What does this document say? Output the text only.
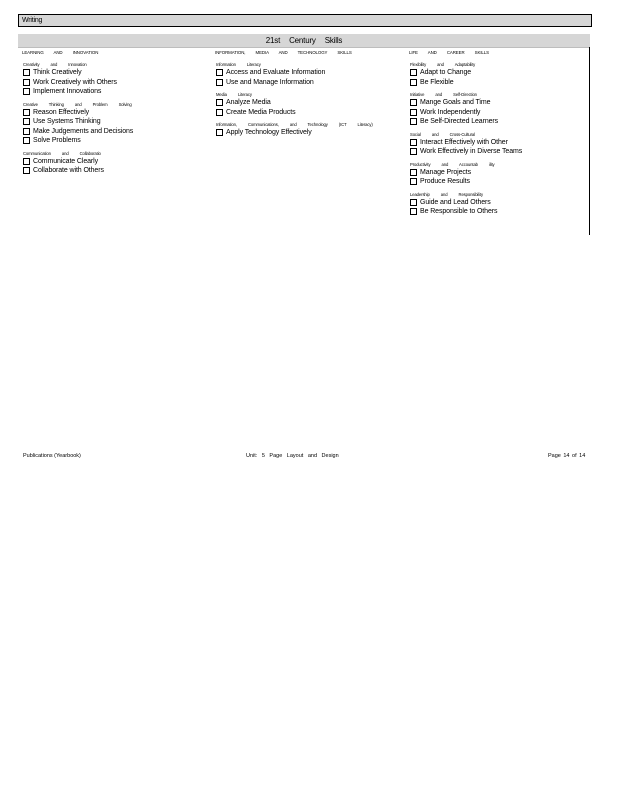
Writing
21st Century Skills
LEARNING AND INNOVATION
Creativity and Innovation
Think Creatively
Work Creatively with Others
Implement Innovations
Creative Thinking and Problem Solving
Reason Effectively
Use Systems Thinking
Make Judgements and Decisions
Solve Problems
Communication and Collaboratio
Communicate Clearly
Collaborate with Others
INFORMATION, MEDIA AND TECHNOLOGY SKILLS
Information Literacy
Access and Evaluate Information
Use and Manage Information
Media Literacy
Analyze Media
Create Media Products
Information, Communications, and Technology (ICT Literacy)
Apply Technology Effectively
LIFE AND CAREER SKILLS
Flexibility and Adaptability
Adapt to Change
Be Flexible
Initiative and Self-Direction
Mange Goals and Time
Work Independently
Be Self-Directed Learners
Social and Cross-Cultural
Interact Effectively with Other
Work Effectively in Diverse Teams
Productivity and Accountab ility
Manage Projects
Produce Results
Leadership and Responsibility
Guide and Lead Others
Be Responsible to Others
Publications (Yearbook)	Unit: 5 Page Layout and Design	Page 14 of 14
